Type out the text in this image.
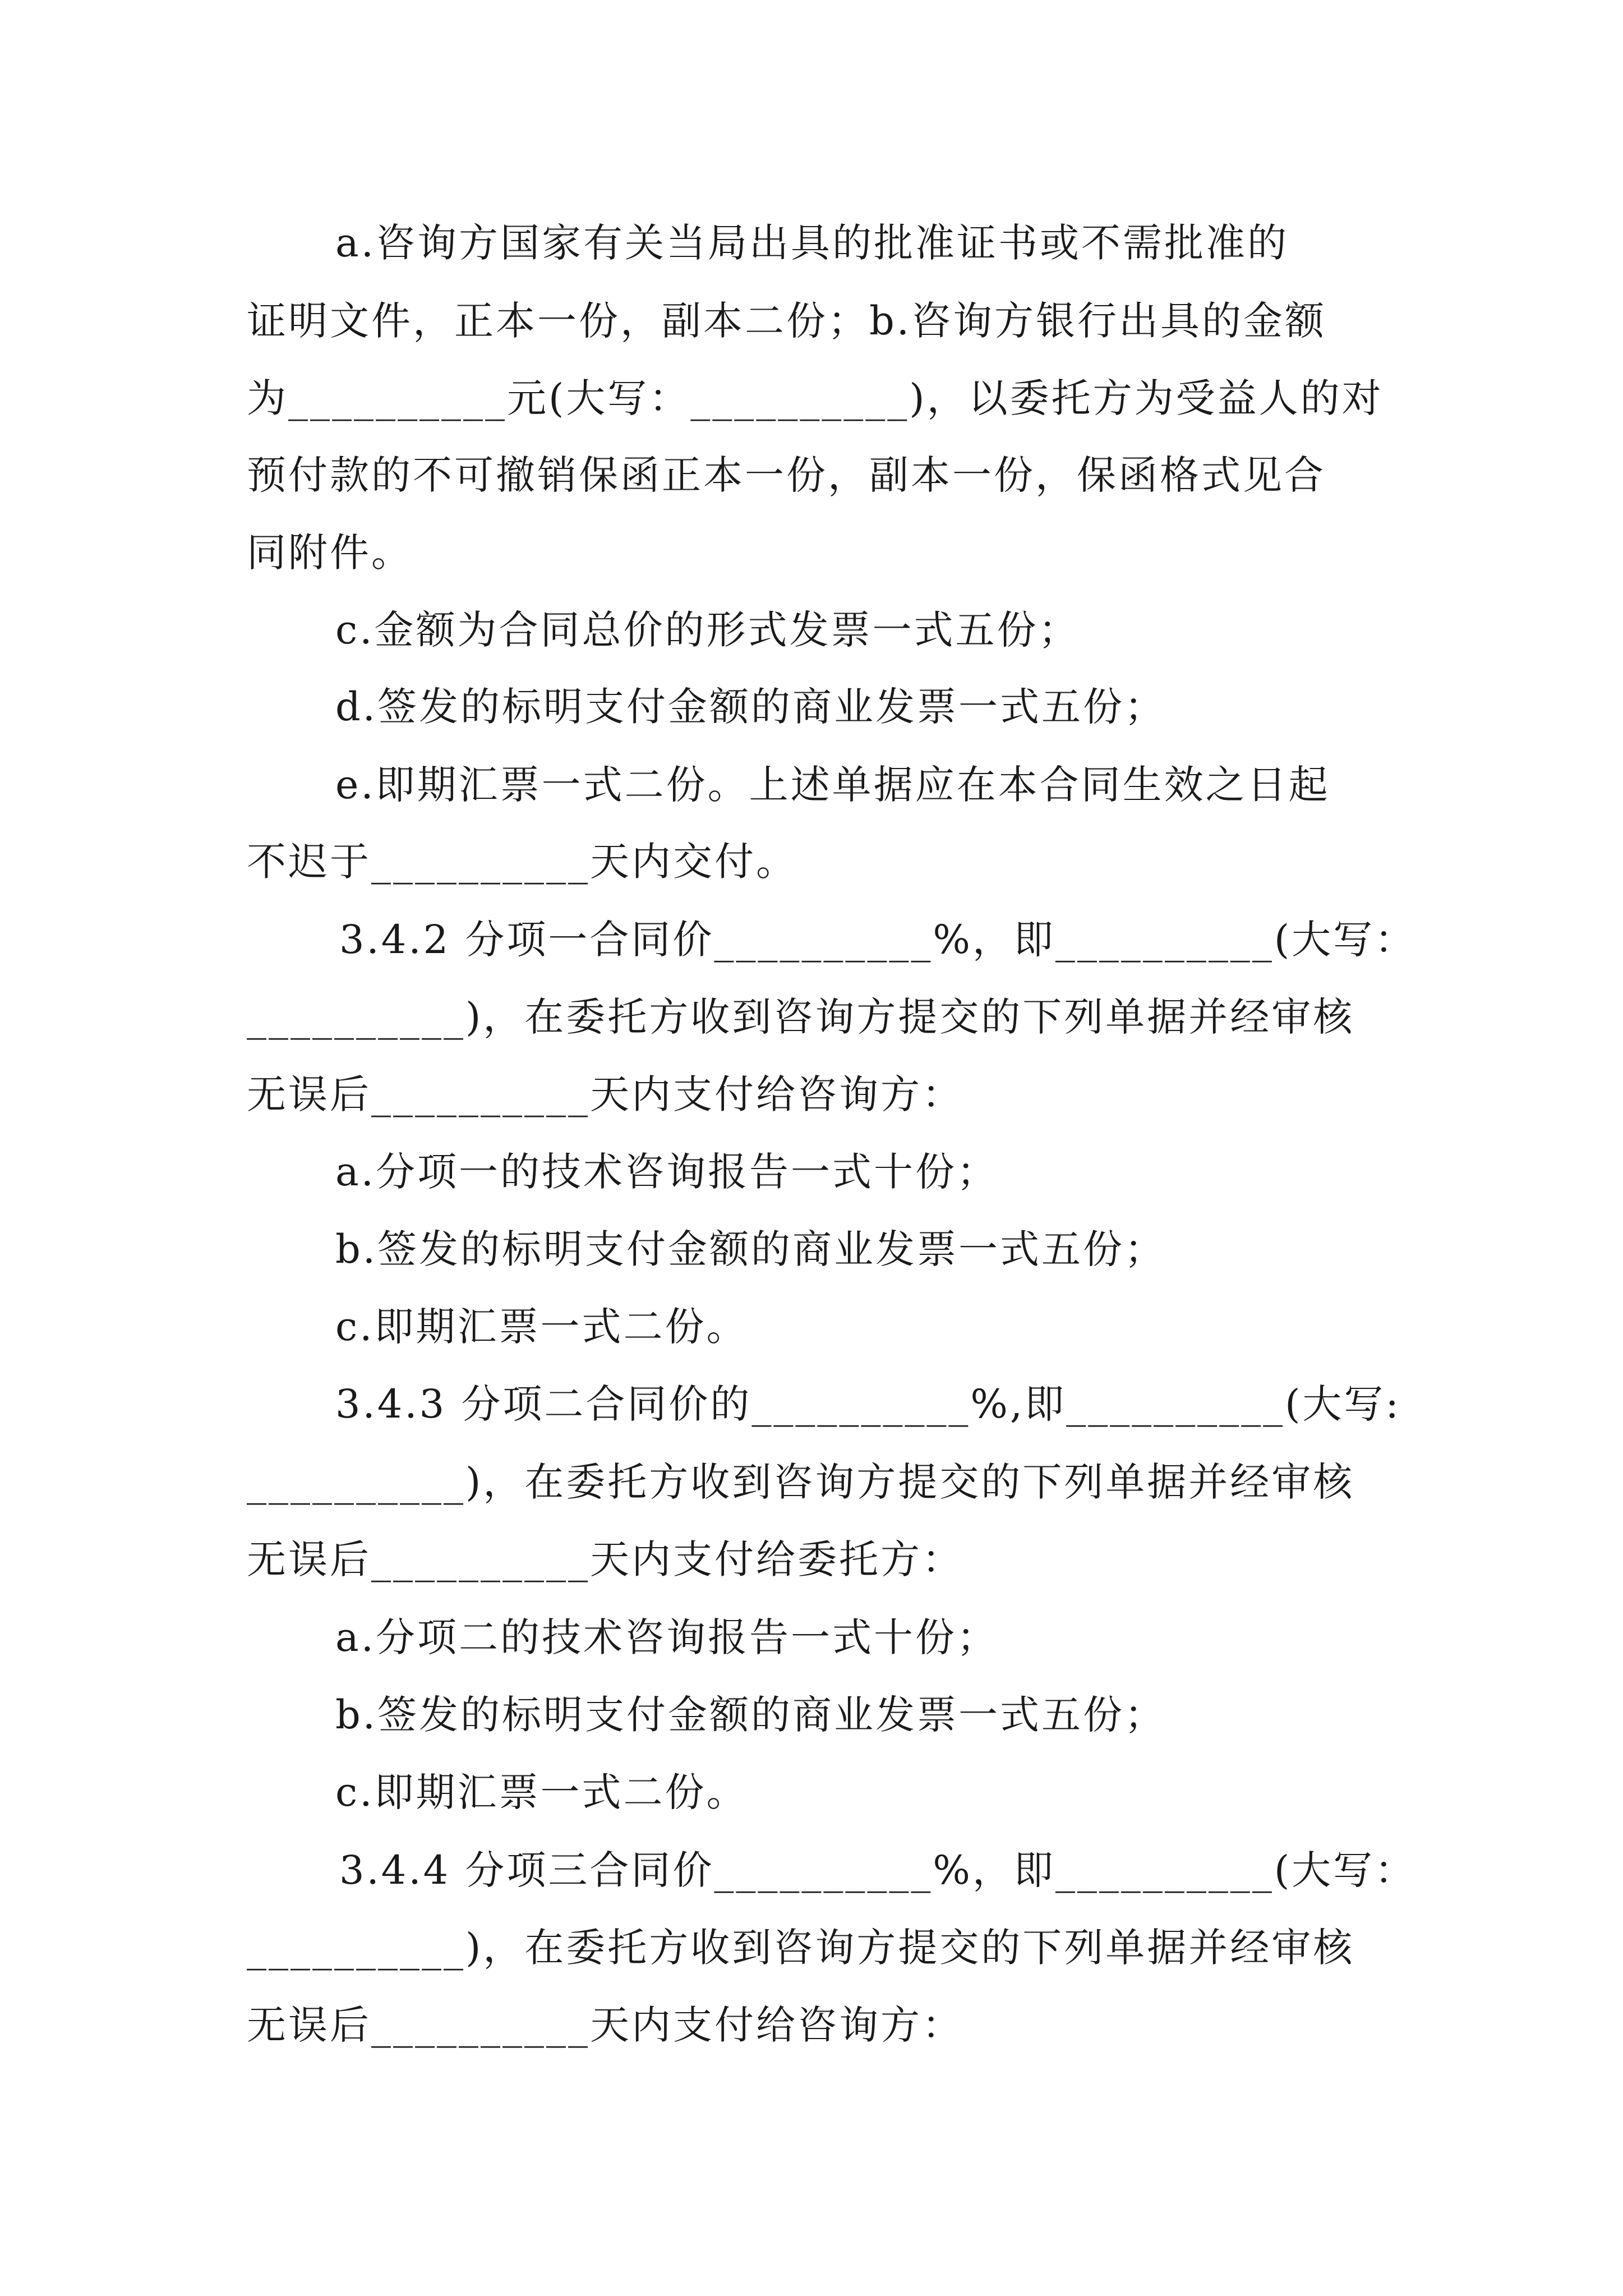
a.咨询方国家有关当局出具的批准证书或不需批准的
证明文件，正本一份，副本二份；b.咨询方银行出具的金额
为__________元(大写：__________)，以委托方为受益人的对
预付款的不可撤销保函正本一份，副本一份，保函格式见合
同附件。
c.金额为合同总价的形式发票一式五份；
d.签发的标明支付金额的商业发票一式五份；
e.即期汇票一式二份。上述单据应在本合同生效之日起
不迟于__________天内交付。
3.4.2 分项一合同价__________%，即__________(大写：
__________)，在委托方收到咨询方提交的下列单据并经审核
无误后__________天内支付给咨询方：
a.分项一的技术咨询报告一式十份；
b.签发的标明支付金额的商业发票一式五份；
c.即期汇票一式二份。
3.4.3 分项二合同价的__________%,即__________(大写:
__________)，在委托方收到咨询方提交的下列单据并经审核
无误后__________天内支付给委托方：
a.分项二的技术咨询报告一式十份；
b.签发的标明支付金额的商业发票一式五份；
c.即期汇票一式二份。
3.4.4 分项三合同价__________%，即__________(大写：
__________)，在委托方收到咨询方提交的下列单据并经审核
无误后__________天内支付给咨询方：
